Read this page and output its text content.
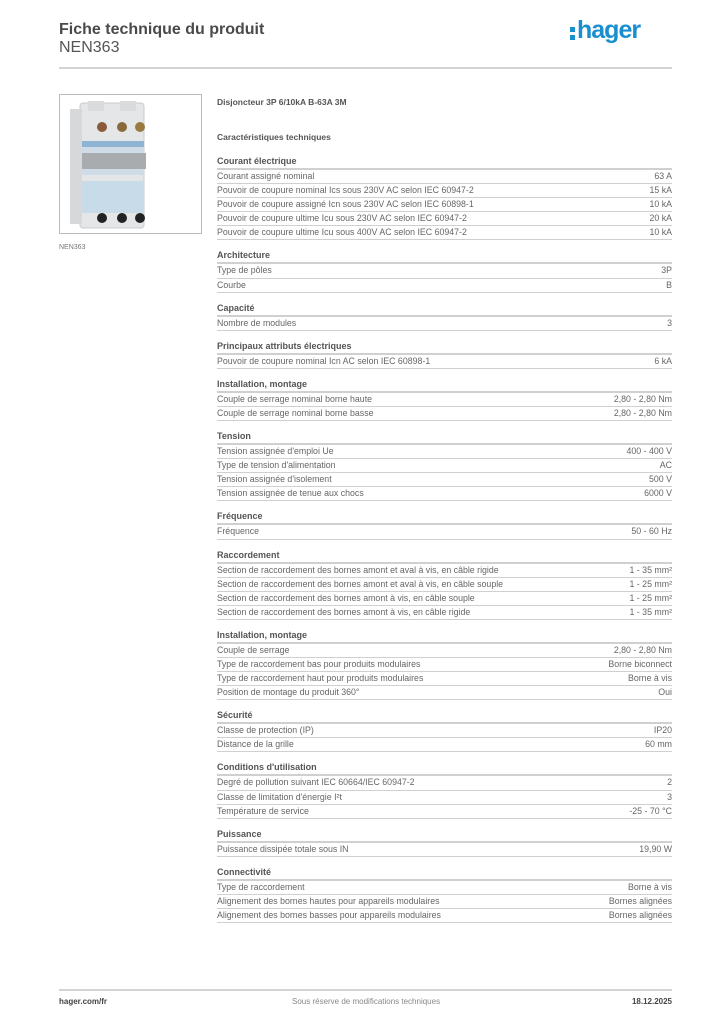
Fiche technique du produit
NEN363
hager
NEN363
Disjoncteur 3P 6/10kA B-63A 3M
Caractéristiques techniques
Courant électrique
Courant assigné nominal	63 A
Pouvoir de coupure nominal Ics sous 230V AC selon IEC 60947-2	15 kA
Pouvoir de coupure assigné Icn sous 230V AC selon IEC 60898-1	10 kA
Pouvoir de coupure ultime Icu sous 230V AC selon IEC 60947-2	20 kA
Pouvoir de coupure ultime Icu sous 400V AC selon IEC 60947-2	10 kA
Architecture
Type de pôles	3P
Courbe	B
Capacité
Nombre de modules	3
Principaux attributs électriques
Pouvoir de coupure nominal Icn AC selon IEC 60898-1	6 kA
Installation, montage
Couple de serrage nominal borne haute	2,80 - 2,80 Nm
Couple de serrage nominal borne basse	2,80 - 2,80 Nm
Tension
Tension assignée d'emploi Ue	400 - 400 V
Type de tension d'alimentation	AC
Tension assignée d'isolement	500 V
Tension assignée de tenue aux chocs	6000 V
Fréquence
Fréquence	50 - 60 Hz
Raccordement
Section de raccordement des bornes amont et aval à vis, en câble rigide	1 - 35 mm²
Section de raccordement des bornes amont et aval à vis, en câble souple	1 - 25 mm²
Section de raccordement des bornes amont à vis, en câble souple	1 - 25 mm²
Section de raccordement des bornes amont à vis, en câble rigide	1 - 35 mm²
Installation, montage
Couple de serrage	2,80 - 2,80 Nm
Type de raccordement bas pour produits modulaires	Borne biconnect
Type de raccordement haut pour produits modulaires	Borne à vis
Position de montage du produit 360°	Oui
Sécurité
Classe de protection (IP)	IP20
Distance de la grille	60 mm
Conditions d'utilisation
Degré de pollution suivant IEC 60664/IEC 60947-2	2
Classe de limitation d'énergie I²t	3
Température de service	-25 - 70 °C
Puissance
Puissance dissipée totale sous IN	19,90 W
Connectivité
Type de raccordement	Borne à vis
Alignement des bornes hautes pour appareils modulaires	Bornes alignées
Alignement des bornes basses pour appareils modulaires	Bornes alignées
hager.com/fr	Sous réserve de modifications techniques	18.12.2025
